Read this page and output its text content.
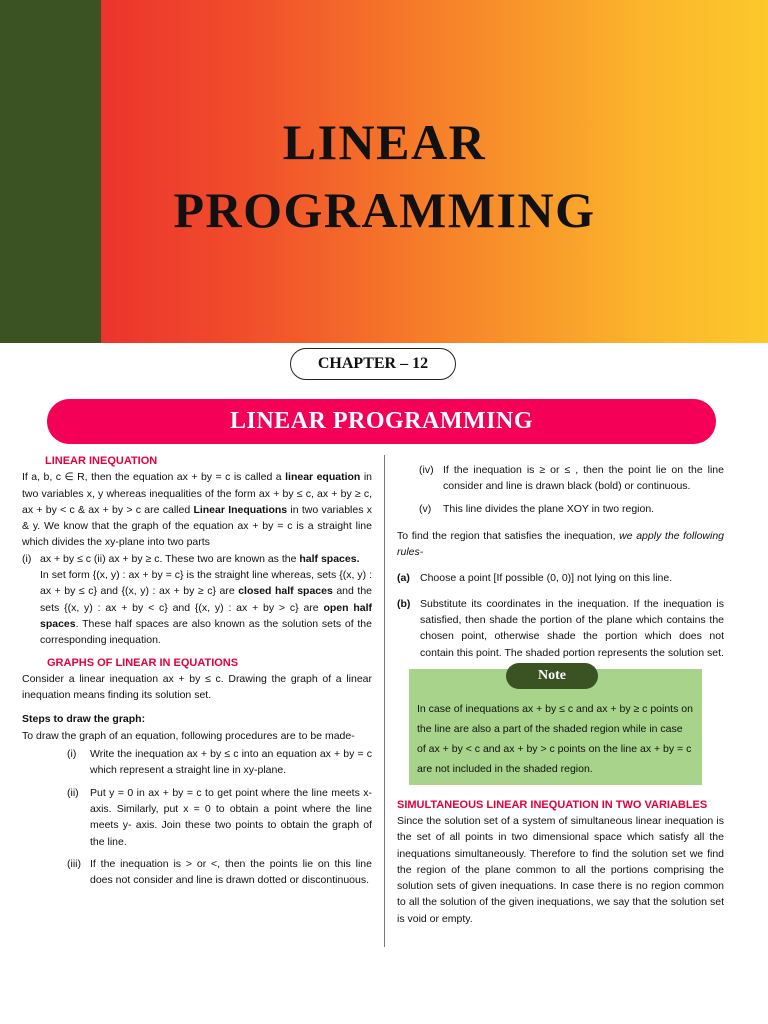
LINEAR
PROGRAMMING
CHAPTER – 12
LINEAR PROGRAMMING
LINEAR INEQUATION

If a, b, c ∈ R, then the equation ax + by = c is called a linear equation in two variables x, y whereas inequalities of the form ax + by ≤ c, ax + by ≥ c, ax + by < c & ax + by > c are called Linear Inequations in two variables x & y. We know that the graph of the equation ax + by = c is a straight line which divides the xy-plane into two parts

(i) ax + by ≤ c (ii) ax + by ≥ c. These two are known as the half spaces.

In set form {(x, y) : ax + by = c} is the straight line whereas, sets {(x, y) : ax + by ≤ c} and {(x, y) : ax + by ≥ c} are closed half spaces and the sets {(x, y) : ax + by < c} and {(x, y) : ax + by > c} are open half spaces. These half spaces are also known as the solution sets of the corresponding inequation.

GRAPHS OF LINEAR IN EQUATIONS

Consider a linear inequation ax + by ≤ c. Drawing the graph of a linear inequation means finding its solution set.

Steps to draw the graph:

To draw the graph of an equation, following procedures are to be made-

(i)	Write the inequation ax + by ≤ c into an equation ax + by = c which represent a straight line in xy-plane.
(ii)	Put y = 0 in ax + by = c to get point where the line meets x- axis. Similarly, put x = 0 to obtain a point where the line meets y- axis. Join these two points to obtain the graph of the line.
(iii) If the inequation is > or <, then the points lie on this line does not consider and line is drawn dotted or discontinuous.
(iv) If the inequation is ≥ or ≤ , then the point lie on the line consider and line is drawn black (bold) or continuous.
(v)	This line divides the plane XOY in two region.

To find the region that satisfies the inequation, we apply the following rules-

(a) Choose a point [If possible (0, 0)] not lying on this line.
(b) Substitute its coordinates in the inequation. If the inequation is satisfied, then shade the portion of the plane which contains the chosen point, otherwise shade the portion which does not contain this point. The shaded portion represents the solution set.
Note
In case of inequations ax + by ≤ c and ax + by ≥ c points on the line are also a part of the shaded region while in case of ax + by < c and ax + by > c points on the line ax + by = c are not included in the shaded region.
SIMULTANEOUS LINEAR INEQUATION IN TWO VARIABLES

Since the solution set of a system of simultaneous linear inequation is the set of all points in two dimensional space which satisfy all the inequations simultaneously. Therefore to find the solution set we find the region of the plane common to all the portions comprising the solution sets of given inequations. In case there is no region common to all the solution of the given inequations, we say that the solution set is void or empty.
